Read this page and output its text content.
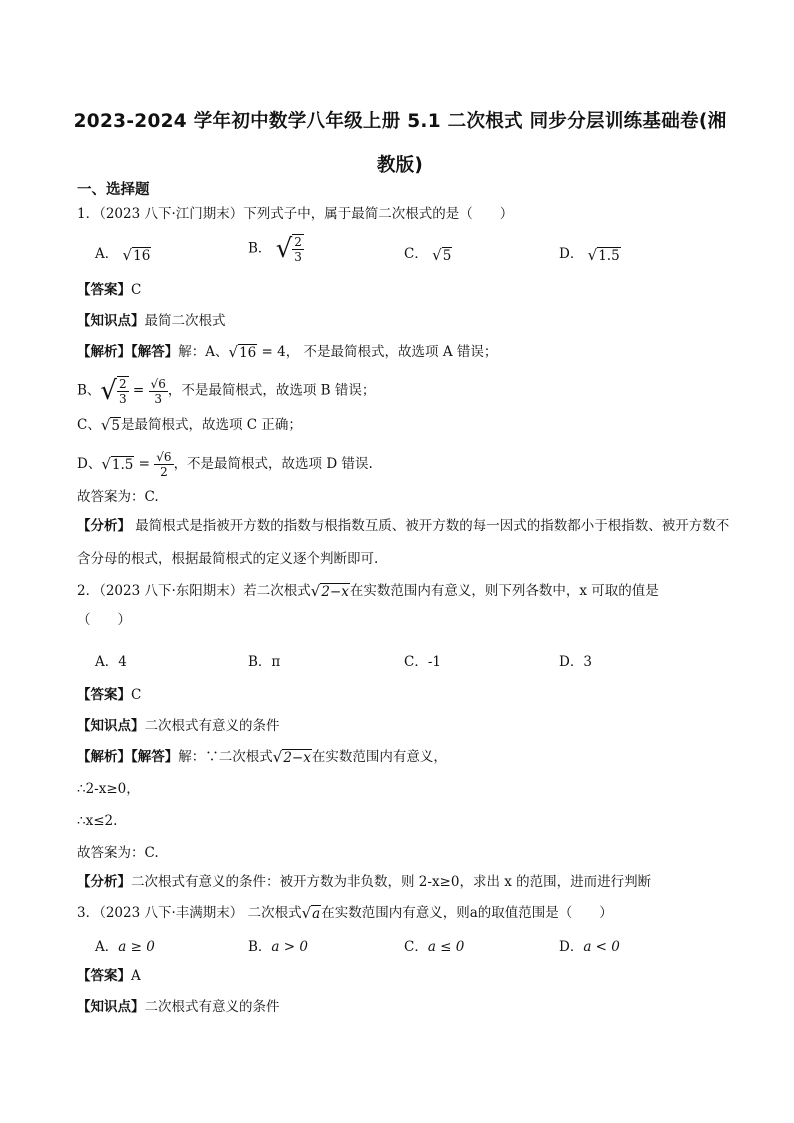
2023-2024 学年初中数学八年级上册 5.1 二次根式 同步分层训练基础卷(湘教版)
一、选择题
1．（2023 八下·江门期末）下列式子中，属于最简二次根式的是（　　）
A． √16	B． √ $\frac{2}{3}$	C． √5	D． √1.5
【答案】C
【知识点】最简二次根式
【解析】【解答】解：A、√16 = 4， 不是最简根式，故选项 A 错误；
B、√ $\frac{2}{3} = \frac{√6}{3}$ ，不是最简根式，故选项 B 错误；
C、√5是最简根式，故选项 C 正确；
D、$√1.5 = \frac{√6}{2}$ ，不是最简根式，故选项 D 错误.
故答案为：C.
【分析】 最简根式是指被开方数的指数与根指数互质、被开方数的每一因式的指数都小于根指数、被开方数不含分母的根式，根据最简根式的定义逐个判断即可.
2．（2023 八下·东阳期末）若二次根式√2−x在实数范围内有意义，则下列各数中，x 可取的值是
（　　）
A．4	B．π	C．-1	D．3
【答案】C
【知识点】二次根式有意义的条件
【解析】【解答】解：∵二次根式√2−x在实数范围内有意义，
∴2-x≥0，
∴x≤2.
故答案为：C.
【分析】二次根式有意义的条件：被开方数为非负数，则 2-x≥0，求出 x 的范围，进而进行判断
3．（2023 八下·丰满期末） 二次根式√a在实数范围内有意义，则a的取值范围是（　　）
A．a ≥ 0	B．a > 0	C．a ≤ 0	D．a < 0
【答案】A
【知识点】二次根式有意义的条件
